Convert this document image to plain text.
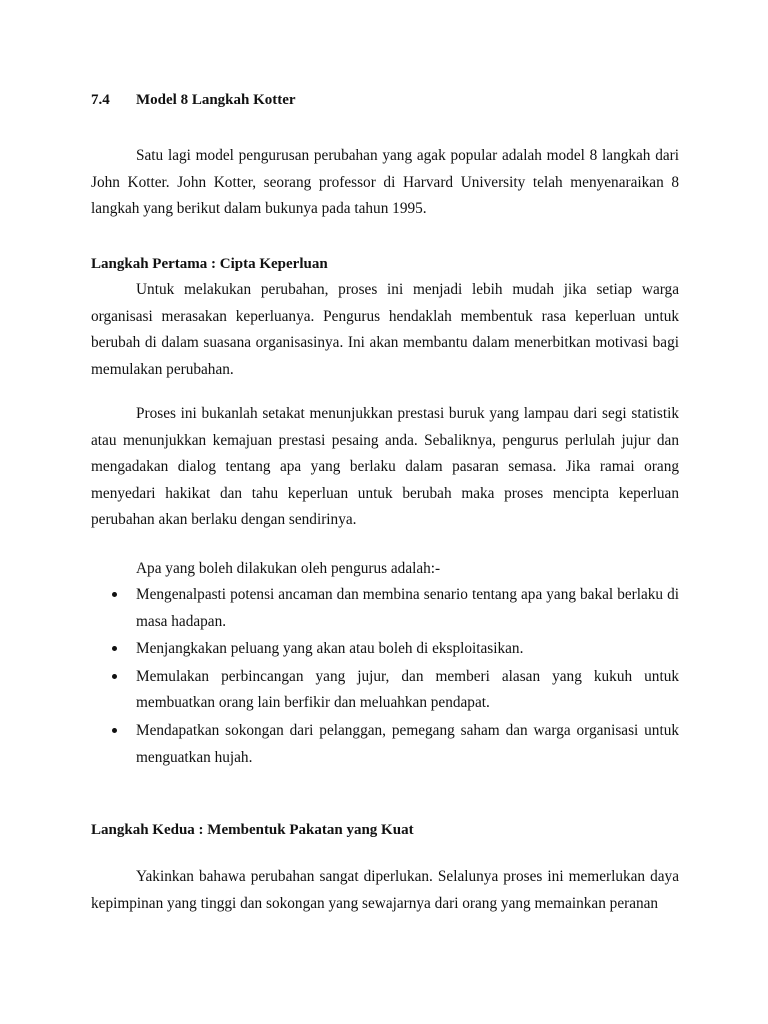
7.4 Model 8 Langkah Kotter

Satu lagi model pengurusan perubahan yang agak popular adalah model 8 langkah dari John Kotter. John Kotter, seorang professor di Harvard University telah menyenaraikan 8 langkah yang berikut dalam bukunya pada tahun 1995.

Langkah Pertama : Cipta Keperluan

Untuk melakukan perubahan, proses ini menjadi lebih mudah jika setiap warga organisasi merasakan keperluanya. Pengurus hendaklah membentuk rasa keperluan untuk berubah di dalam suasana organisasinya. Ini akan membantu dalam menerbitkan motivasi bagi memulakan perubahan.

Proses ini bukanlah setakat menunjukkan prestasi buruk yang lampau dari segi statistik atau menunjukkan kemajuan prestasi pesaing anda. Sebaliknya, pengurus perlulah jujur dan mengadakan dialog tentang apa yang berlaku dalam pasaran semasa. Jika ramai orang menyedari hakikat dan tahu keperluan untuk berubah maka proses mencipta keperluan perubahan akan berlaku dengan sendirinya.

Apa yang boleh dilakukan oleh pengurus adalah:-
Mengenalpasti potensi ancaman dan membina senario tentang apa yang bakal berlaku di masa hadapan.
Menjangkakan peluang yang akan atau boleh di eksploitasikan.
Memulakan perbincangan yang jujur, dan memberi alasan yang kukuh untuk membuatkan orang lain berfikir dan meluahkan pendapat.
Mendapatkan sokongan dari pelanggan, pemegang saham dan warga organisasi untuk menguatkan hujah.
Langkah Kedua : Membentuk Pakatan yang Kuat

Yakinkan bahawa perubahan sangat diperlukan. Selalunya proses ini memerlukan daya kepimpinan yang tinggi dan sokongan yang sewajarnya dari orang yang memainkan peranan
